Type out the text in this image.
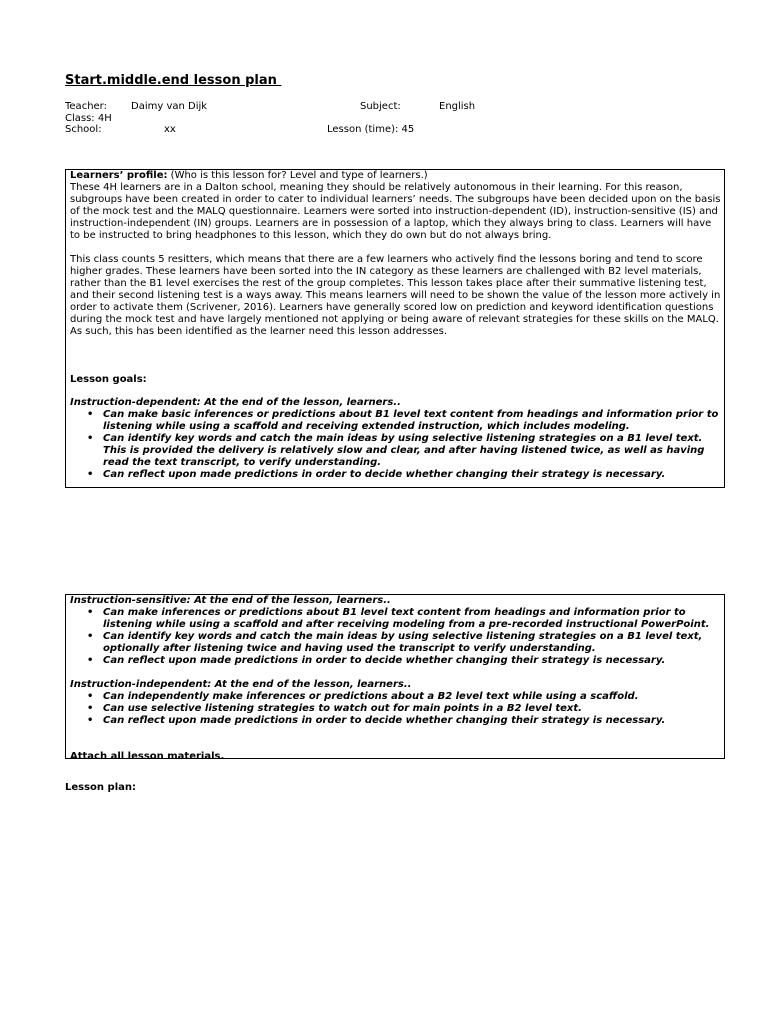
Start.middle.end lesson plan
Teacher: Daimy van Dijk	Subject:	English
Class: 4H
School:	xx	Lesson (time): 45

Learners’ profile: (Who is this lesson for? Level and type of learners.)

These 4H learners are in a Dalton school, meaning they should be relatively autonomous in their learning. For this reason, subgroups have been created in order to cater to individual learners’ needs. The subgroups have been decided upon on the basis of the mock test and the MALQ questionnaire. Learners were sorted into instruction-dependent (ID), instruction-sensitive (IS) and instruction-independent (IN) groups. Learners are in possession of a laptop, which they always bring to class. Learners will have to be instructed to bring headphones to this lesson, which they do own but do not always bring.

This class counts 5 resitters, which means that there are a few learners who actively find the lessons boring and tend to score higher grades. These learners have been sorted into the IN category as these learners are challenged with B2 level materials, rather than the B1 level exercises the rest of the group completes. This lesson takes place after their summative listening test, and their second listening test is a ways away. This means learners will need to be shown the value of the lesson more actively in order to activate them (Scrivener, 2016). Learners have generally scored low on prediction and keyword identification questions during the mock test and have largely mentioned not applying or being aware of relevant strategies for these skills on the MALQ. As such, this has been identified as the learner need this lesson addresses.

Lesson goals:

Instruction-dependent: At the end of the lesson, learners..

• Can make basic inferences or predictions about B1 level text content from headings and information prior to listening while using a scaffold and receiving extended instruction, which includes modeling.
• Can identify key words and catch the main ideas by using selective listening strategies on a B1 level text. This is provided the delivery is relatively slow and clear, and after having listened twice, as well as having read the text transcript, to verify understanding.
• Can reflect upon made predictions in order to decide whether changing their strategy is necessary.

Instruction-sensitive: At the end of the lesson, learners..

• Can make inferences or predictions about B1 level text content from headings and information prior to listening while using a scaffold and after receiving modeling from a pre-recorded instructional PowerPoint.
• Can identify key words and catch the main ideas by using selective listening strategies on a B1 level text, optionally after listening twice and having used the transcript to verify understanding.
• Can reflect upon made predictions in order to decide whether changing their strategy is necessary.

Instruction-independent: At the end of the lesson, learners..

• Can independently make inferences or predictions about a B2 level text while using a scaffold.
• Can use selective listening strategies to watch out for main points in a B2 level text.
• Can reflect upon made predictions in order to decide whether changing their strategy is necessary.

Attach all lesson materials.

Lesson plan:
